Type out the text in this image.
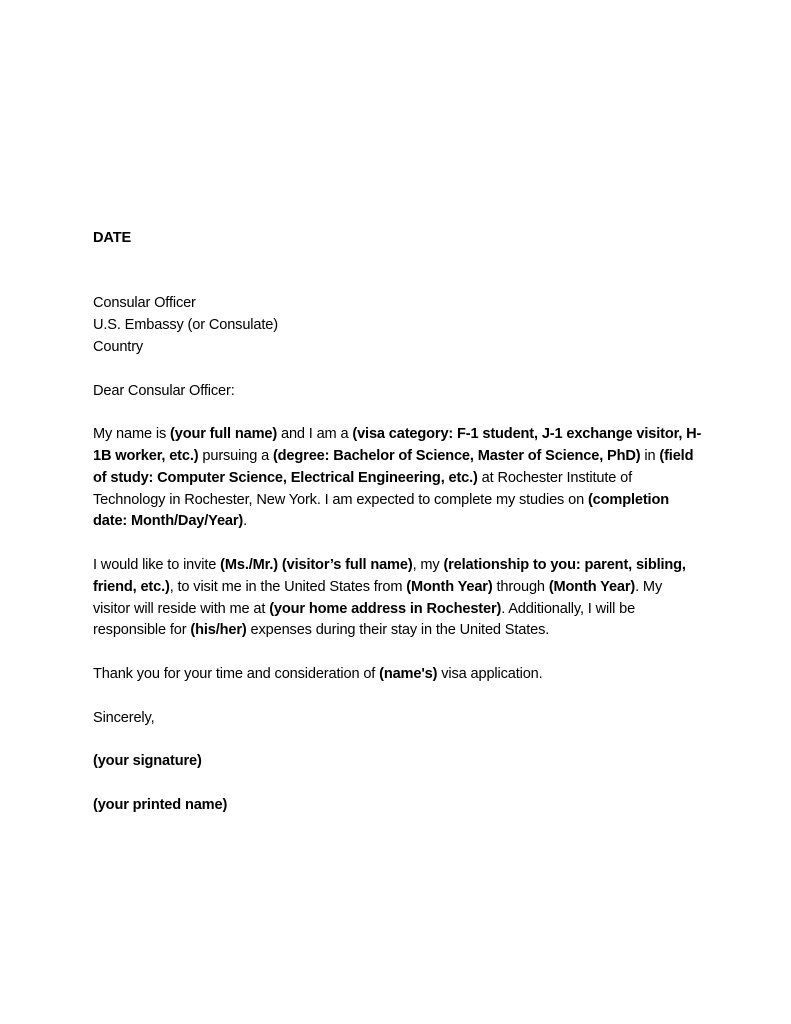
DATE

Consular Officer

U.S. Embassy (or Consulate)

Country

Dear Consular Officer:

My name is (your full name) and I am a (visa category: F-1 student, J-1 exchange visitor, H-1B worker, etc.) pursuing a (degree: Bachelor of Science, Master of Science, PhD) in (field of study: Computer Science, Electrical Engineering, etc.) at Rochester Institute of Technology in Rochester, New York. I am expected to complete my studies on (completion date: Month/Day/Year).

I would like to invite (Ms./Mr.) (visitor’s full name), my (relationship to you: parent, sibling, friend, etc.), to visit me in the United States from (Month Year) through (Month Year). My visitor will reside with me at (your home address in Rochester). Additionally, I will be responsible for (his/her) expenses during their stay in the United States.

Thank you for your time and consideration of (name's) visa application.

Sincerely,

(your signature)

(your printed name)
